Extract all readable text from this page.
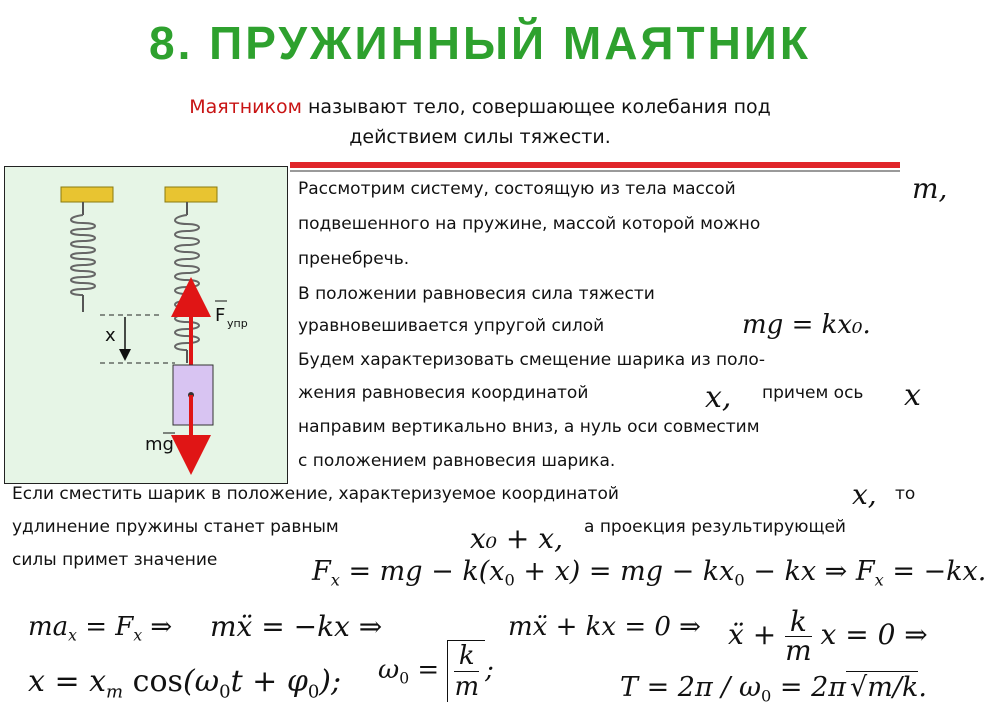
8. ПРУЖИННЫЙ МАЯТНИК
Маятником называют тело, совершающее колебания под
действием силы тяжести.
x
F упр
mg
Рассмотрим систему, состоящую из тела массой	m,
подвешенного на пружине, массой которой можно
пренебречь.
В положении равновесия сила тяжести
уравновешивается упругой силой	mg = kx₀.
Будем характеризовать смещение шарика из поло-
жения равновесия координатой	x, причем ось x
направим вертикально вниз, а нуль оси совместим
с положением равновесия шарика.
Если сместить шарик в положение, характеризуемое координатой	x, то
удлинение пружины станет равным	x₀ + x, а проекция результирующей
силы примет значение	$F_x$ = mg − $k(x_0 + x)$ = mg − $kx_0$ − kx ⇒ $F_x = -kx$.
$ma_x = F_x$ ⇒ mẍ = −kx ⇒	mẍ + kx = 0 ⇒ ẍ + $\frac{k}{m}$ x = 0 ⇒
$x = x_m$ $\cos(\omega_0t + \varphi_0)$; $\omega_0 = \frac{k}{m}$ ;
$T = 2\pi / \omega_0 = 2\pi$ √m/k.
